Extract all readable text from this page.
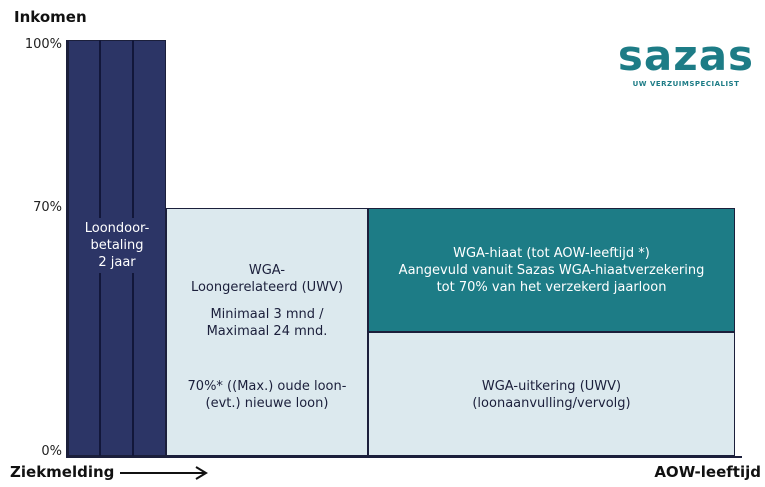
Inkomen
100%
70%
0%
sazas
UW VERZUIMSPECIALIST
Loondoor-
betaling
2 jaar
WGA-
Loongerelateerd (UWV)
Minimaal 3 mnd /
Maximaal 24 mnd.
70%* ((Max.) oude loon-
(evt.) nieuwe loon)
WGA-hiaat (tot AOW-leeftijd *)
Aangevuld vanuit Sazas WGA-hiaatverzekering
tot 70% van het verzekerd jaarloon
WGA-uitkering (UWV)
(loonaanvulling/vervolg)
Ziekmelding	AOW-leeftijd
